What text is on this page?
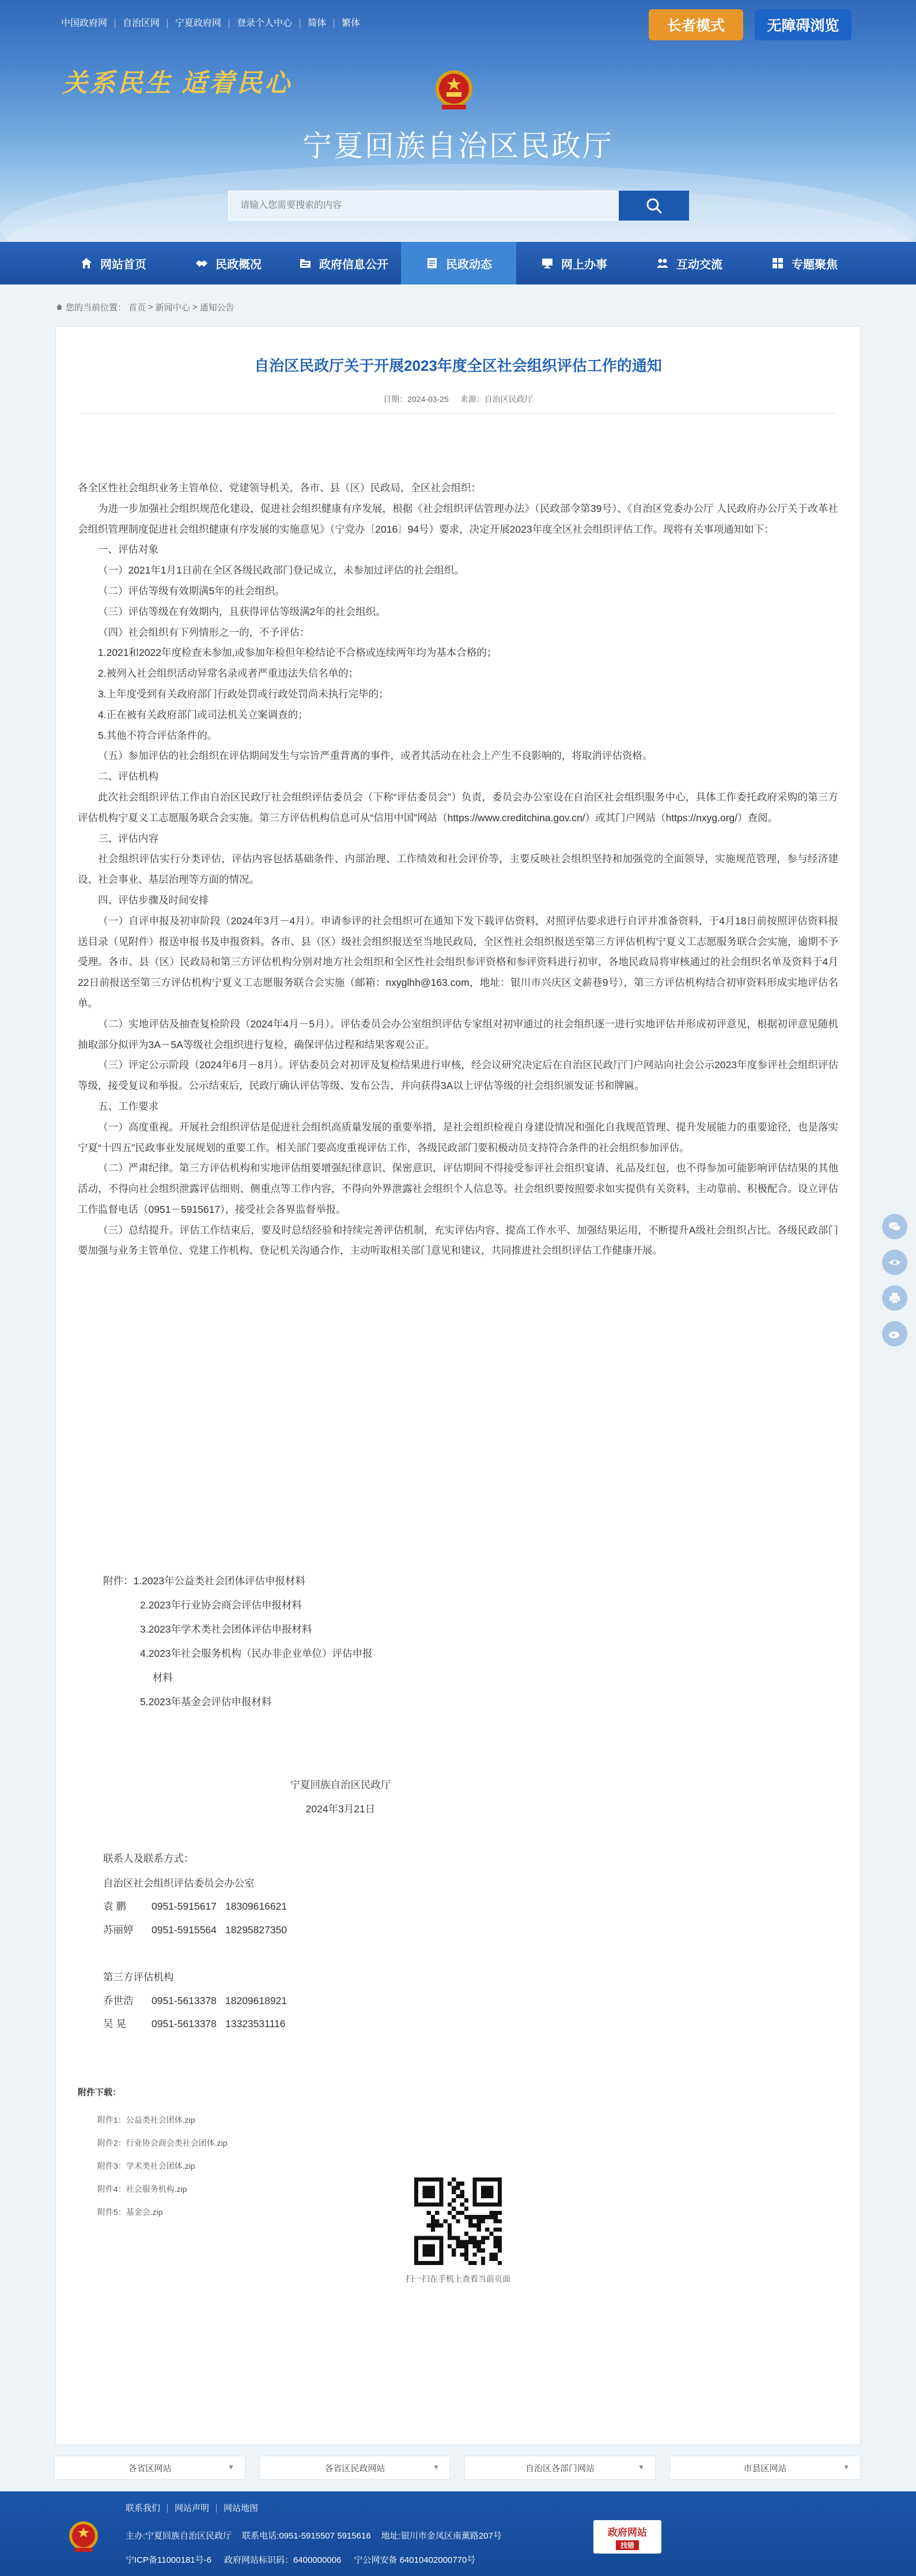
中国政府网	自治区网	宁夏政府网	登录个人中心	简体	繁体	长者模式	无障碍浏览
关系民生 适着民心
宁夏回族自治区民政厅
请输入您需要搜索的内容
网站首页	民政概况	政府信息公开	民政动态	网上办事	互动交流	专题聚焦
您的当前位置： 首页 > 新闻中心 > 通知公告
自治区民政厅关于开展2023年度全区社会组织评估工作的通知
日期：2024-03-25 来源：自治区民政厅

各全区性社会组织业务主管单位、党建领导机关，各市、县（区）民政局，全区社会组织：

为进一步加强社会组织规范化建设，促进社会组织健康有序发展，根据《社会组织评估管理办法》（民政部令第39号）、《自治区党委办公厅 人民政府办公厅关于改革社会组织管理制度促进社会组织健康有序发展的实施意见》（宁党办〔2016〕94号）要求，决定开展2023年度全区社会组织评估工作。现将有关事项通知如下：

一、评估对象

（一）2021年1月1日前在全区各级民政部门登记成立，未参加过评估的社会组织。

（二）评估等级有效期满5年的社会组织。

（三）评估等级在有效期内，且获得评估等级满2年的社会组织。

（四）社会组织有下列情形之一的，不予评估：

1.2021和2022年度检查未参加,或参加年检但年检结论不合格或连续两年均为基本合格的；

2.被列入社会组织活动异常名录或者严重违法失信名单的；

3.上年度受到有关政府部门行政处罚或行政处罚尚未执行完毕的；

4.正在被有关政府部门或司法机关立案调查的；

5.其他不符合评估条件的。

（五）参加评估的社会组织在评估期间发生与宗旨严重背离的事件，或者其活动在社会上产生不良影响的，将取消评估资格。

二、评估机构

此次社会组织评估工作由自治区民政厅社会组织评估委员会（下称“评估委员会”）负责，委员会办公室设在自治区社会组织服务中心，具体工作委托政府采购的第三方评估机构宁夏义工志愿服务联合会实施。第三方评估机构信息可从“信用中国”网站（https://www.creditchina.gov.cn/）或其门户网站（https://nxyg.org/）查阅。

三、评估内容

社会组织评估实行分类评估，评估内容包括基础条件、内部治理、工作绩效和社会评价等，主要反映社会组织坚持和加强党的全面领导，实施规范管理，参与经济建设、社会事业、基层治理等方面的情况。

四、评估步骤及时间安排

（一）自评申报及初审阶段（2024年3月－4月）。申请参评的社会组织可在通知下发下载评估资料，对照评估要求进行自评并准备资料，于4月18日前按照评估资料报送目录（见附件）报送申报书及申报资料。各市、县（区）级社会组织报送至当地民政局，全区性社会组织报送至第三方评估机构宁夏义工志愿服务联合会实施，逾期不予受理。各市、县（区）民政局和第三方评估机构分别对地方社会组织和全区性社会组织参评资格和参评资料进行初审，各地民政局将审核通过的社会组织名单及资料于4月22日前报送至第三方评估机构宁夏义工志愿服务联合会实施（邮箱：nxyglhh@163.com，地址：银川市兴庆区文薪巷9号），第三方评估机构结合初审资料形成实地评估名单。

（二）实地评估及抽查复检阶段（2024年4月－5月）。评估委员会办公室组织评估专家组对初审通过的社会组织逐一进行实地评估并形成初评意见，根据初评意见随机抽取部分拟评为3A－5A等级社会组织进行复检，确保评估过程和结果客观公正。

（三）评定公示阶段（2024年6月－8月）。评估委员会对初评及复检结果进行审核，经会议研究决定后在自治区民政厅门户网站向社会公示2023年度参评社会组织评估等级，接受复议和举报。公示结束后，民政厅确认评估等级、发布公告，并向获得3A以上评估等级的社会组织颁发证书和牌匾。

五、工作要求

（一）高度重视。开展社会组织评估是促进社会组织高质量发展的重要举措，是社会组织检视自身建设情况和强化自我规范管理、提升发展能力的重要途径，也是落实宁夏“十四五”民政事业发展规划的重要工作。相关部门要高度重视评估工作，各级民政部门要积极动员支持符合条件的社会组织参加评估。

（二）严肃纪律。第三方评估机构和实地评估组要增强纪律意识、保密意识，评估期间不得接受参评社会组织宴请、礼品及红包，也不得参加可能影响评估结果的其他活动，不得向社会组织泄露评估细则、侧重点等工作内容，不得向外界泄露社会组织个人信息等。社会组织要按照要求如实提供有关资料，主动靠前、积极配合。设立评估工作监督电话（0951－5915617），接受社会各界监督举报。

（三）总结提升。评估工作结束后，要及时总结经验和持续完善评估机制，充实评估内容、提高工作水平、加强结果运用，不断提升A级社会组织占比。各级民政部门要加强与业务主管单位、党建工作机构、登记机关沟通合作，主动听取相关部门意见和建议，共同推进社会组织评估工作健康开展。

附件：1.2023年公益类社会团体评估申报材料
2.2023年行业协会商会评估申报材料
3.2023年学术类社会团体评估申报材料
4.2023年社会服务机构（民办非企业单位）评估申报
材料
5.2023年基金会评估申报材料
宁夏回族自治区民政厅
2024年3月21日
联系人及联系方式：
自治区社会组织评估委员会办公室
袁 鹏	0951-5915617 18309616621
苏丽婷	0951-5915564 18295827350
第三方评估机构
乔世浩	0951-5613378 18209618921
吴 晃	0951-5613378 13323531116
附件下载：
附件1：公益类社会团体.zip
附件2：行业协会商会类社会团体.zip
附件3：学术类社会团体.zip
附件4：社会服务机构.zip
附件5：基金会.zip
扫一扫在手机上查看当前页面
各省区网站	▼	各省区民政网站	▼	自治区各部门网站	▼	市县区网站	▼
联系我们	网站声明	网站地图
主办:宁夏回族自治区民政厅 联系电话:0951-5915507 5915616 地址:银川市金凤区南薰路207号
宁ICP备11000181号-6 政府网站标识码：6400000006 宁公网安备 64010402000770号
政府网站
找错
